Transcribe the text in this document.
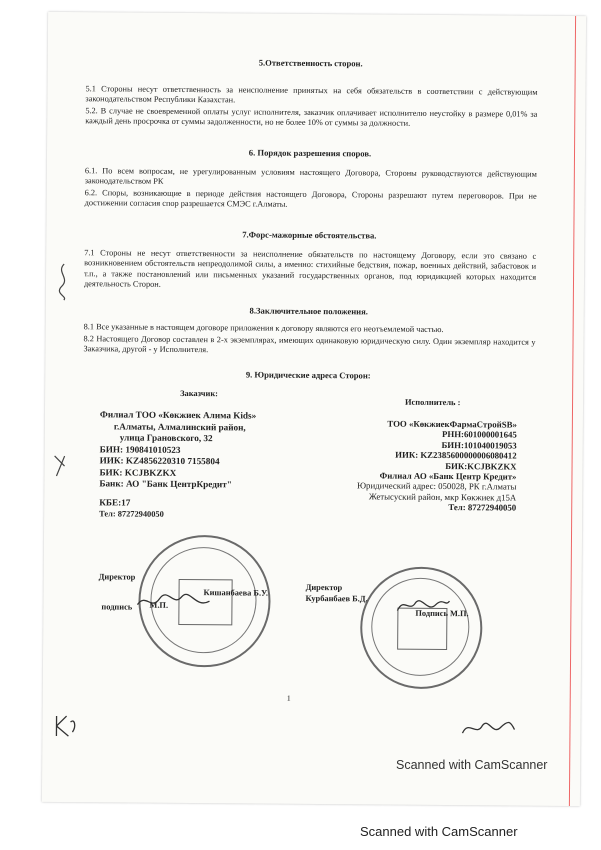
5.Ответственность сторон.
5.1 Стороны несут ответственность за неисполнение принятых на себя обязательств в соответствии с действующим законодательством Республики Казахстан.
5.2. В случае не своевременной оплаты услуг исполнителя, заказчик оплачивает исполнителю неустойку в размере 0,01% за каждый день просрочка от суммы задолженности, но не более 10% от суммы за должности.
6. Порядок разрешения споров.
6.1. По всем вопросам, не урегулированным условиям настоящего Договора, Стороны руководствуются действующим законодательством РК
6.2. Споры, возникающие в периоде действия настоящего Договора, Стороны разрешают путем переговоров. При не достижении согласия спор разрешается СМЭС г.Алматы.
7.Форс-мажорные обстоятельства.
7.1 Стороны не несут ответственности за неисполнение обязательств по настоящему Договору, если это связано с возникновением обстоятельств непреодолимой силы, а именно: стихийные бедствия, пожар, военных действий, забастовок и т.п., а также постановлений или письменных указаний государственных органов, под юридикцией которых находится деятельность Сторон.
8.Заключительное положения.
8.1 Все указанные в настоящем договоре приложения к договору являются его неотъемлемой частью.
8.2 Настоящего Договор составлен в 2-х экземплярах, имеющих одинаковую юридическую силу. Один экземпляр находится у Заказчика, другой - у Исполнителя.
9. Юридические адреса Сторон:
Заказчик:
Исполнитель :
Филиал ТОО «Көкжиек Алима Kids»
г.Алматы, Алмалинский район,
улица Грановского, 32
БИН: 190841010523
ИИК: KZ4856220310 7155804
БИК: KCJBKZKX
Банк: АО "Банк ЦентрКредит"
КБЕ:17
Тел: 87272940050
ТОО «КөкжиекФармаСтройSB»
РНН:601000001645
БИН:101040019053
ИИК: KZ2385600000006080412
БИК:KCJBKZKX
Филиал АО «Банк Центр Кредит»
Юридический адрес: 050028, РК г.Алматы
Жетысуский район, мкр Көкжиек д15А
Тел: 87272940050
Директор
Кишанбаева Б.У.
подпись М.П.
Директор
Курбанбаев Б.Д.
Подпись М.П.
1
Scanned with CamScanner
Scanned with CamScanner
